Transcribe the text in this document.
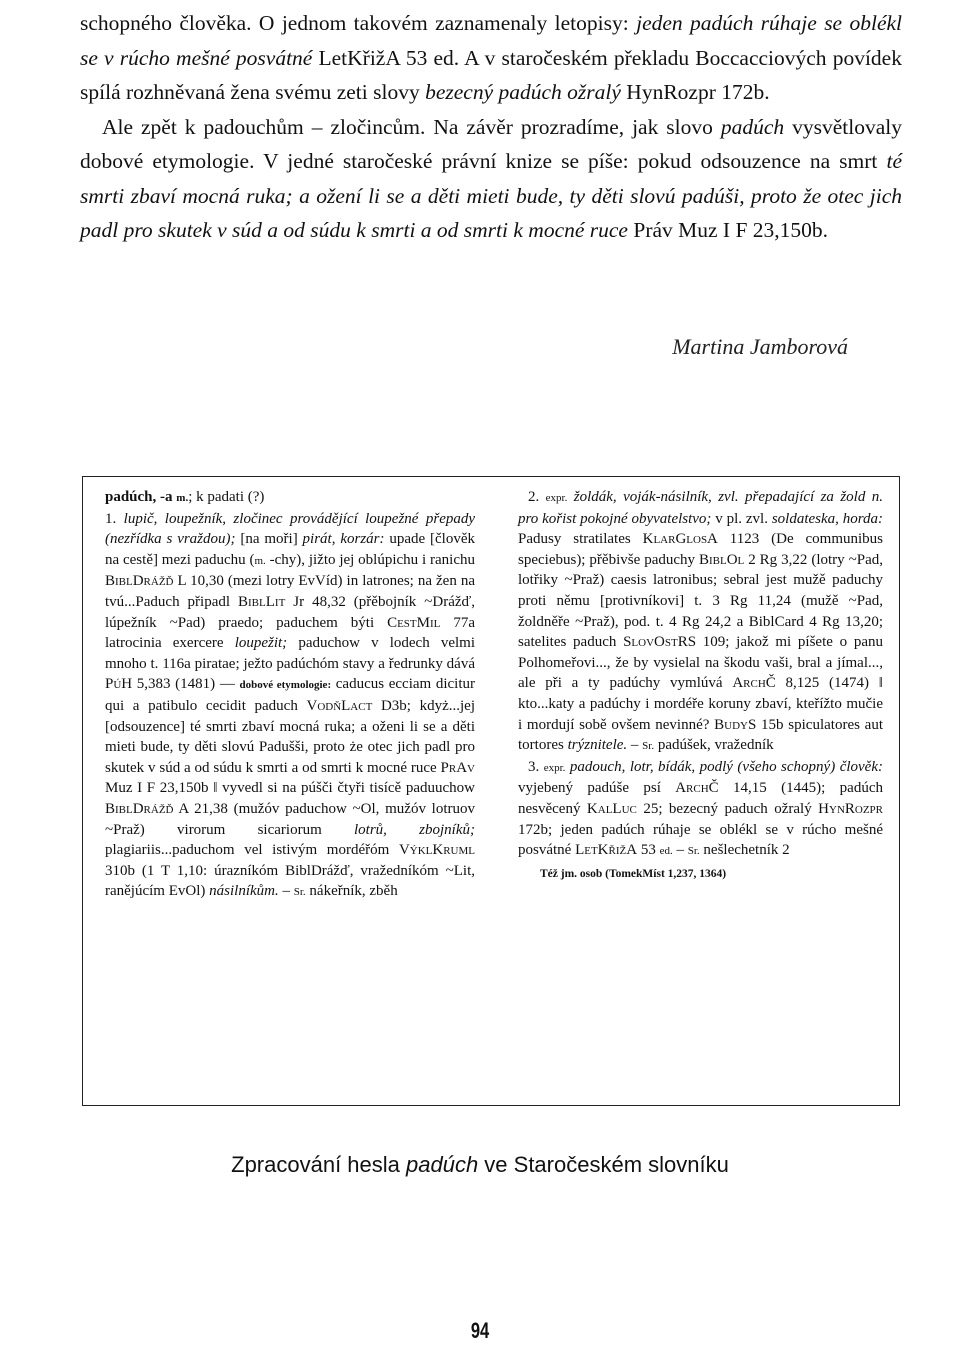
schopného člověka. O jednom takovém zaznamenaly letopisy: jeden padúch rúhaje se oblékl se v rúcho mešné posvátné LetKřižA 53 ed. A v staročeském překladu Boccacciových povídek spílá rozhněvaná žena svému zeti slovy bezecný padúch ožralý HynRozpr 172b.

Ale zpět k padouchům – zločincům. Na závěr prozradíme, jak slovo padúch vysvětlovaly dobové etymologie. V jedné staročeské právní knize se píše: pokud odsouzence na smrt té smrti zbaví mocná ruka; a ožení li se a děti mieti bude, ty děti slovú padúši, proto že otec jich padl pro skutek v súd a od súdu k smrti a od smrti k mocné ruce Práv Muz I F 23,150b.

Martina Jamborová

padúch, -a m.; k padati (?)

1. lupič, loupežník, zločinec provádějící loupežné přepady (nezřídka s vraždou); [na moři] pirát, korzár: upade [člověk na cestě] mezi paduchu (m. -chy), jižto jej oblúpichu i ranichu BiblDrážď L 10,30 (mezi lotry EvVíd) in latrones; na žen na tvú...Paduch připadl BiblLit Jr 48,32 (přěbojník ~Drážď, lúpežník ~Pad) praedo; paduchem býti CestMil 77a latrocinia exercere loupežit; paduchow v lodech velmi mnoho t. 116a piratae; ježto padúchóm stavy a ředrunky dává PúH 5,383 (1481) — dobové etymologie: caducus ecciam dicitur qui a patibulo cecidit paduch VodňLact D3b; kdyż...jej [odsouzence] té smrti zbaví mocná ruka; a oženi li se a děti mieti bude, ty děti slovú Padušši, proto że otec jich padl pro skutek v súd a od súdu k smrti a od smrti k mocné ruce PrAv Muz I F 23,150b ‖ vyvedl si na púšči čtyři tisícě paduuchow BiblDrážď A 21,38 (mužóv paduchow ~Ol, mužóv lotruov ~Praž) virorum sicariorum lotrů, zbojníků; plagiariis...paduchom vel istivým mordéřóm VýklKruml 310b (1 T 1,10: úrazníkóm BiblDrážď, vražedníkóm ~Lit, ranějúcím EvOl) násilníkům. – Sr. nákeřník, zběh

2. expr. žoldák, voják-násilník, zvl. přepadající za žold n. pro kořist pokojné obyvatelstvo; v pl. zvl. soldateska, horda: Padusy stratilates KlarGlosA 1123 (De communibus speciebus); přěbivše paduchy BiblOl 2 Rg 3,22 (lotry ~Pad, lotřiky ~Praž) caesis latronibus; sebral jest mužě paduchy proti němu [protivníkovi] t. 3 Rg 11,24 (mužě ~Pad, žoldněře ~Praž), pod. t. 4 Rg 24,2 a BiblCard 4 Rg 13,20; satelites paduch SlovOstRS 109; jakož mi píšete o panu Polhomeřovi..., že by vysielal na škodu vaši, bral a jímal..., ale při a ty padúchy vymlúvá ArchČ 8,125 (1474) ‖ kto...katy a padúchy i mordéře koruny zbaví, kteřížto mučie i mordují sobě ovšem nevinné? BudyS 15b spiculatores aut tortores trýznitele. – Sr. padúšek, vražedník

3. expr. padouch, lotr, bídák, podlý (všeho schopný) člověk: vyjebený padúše psí ArchČ 14,15 (1445); padúch nesvěcený KalLuc 25; bezecný paduch ožralý HynRozpr 172b; jeden padúch rúhaje se oblékl se v rúcho mešné posvátné LetKřižA 53 ed. – Sr. nešlechetník 2

Též jm. osob (TomekMíst 1,237, 1364)

Zpracování hesla padúch ve Staročeském slovníku
94
